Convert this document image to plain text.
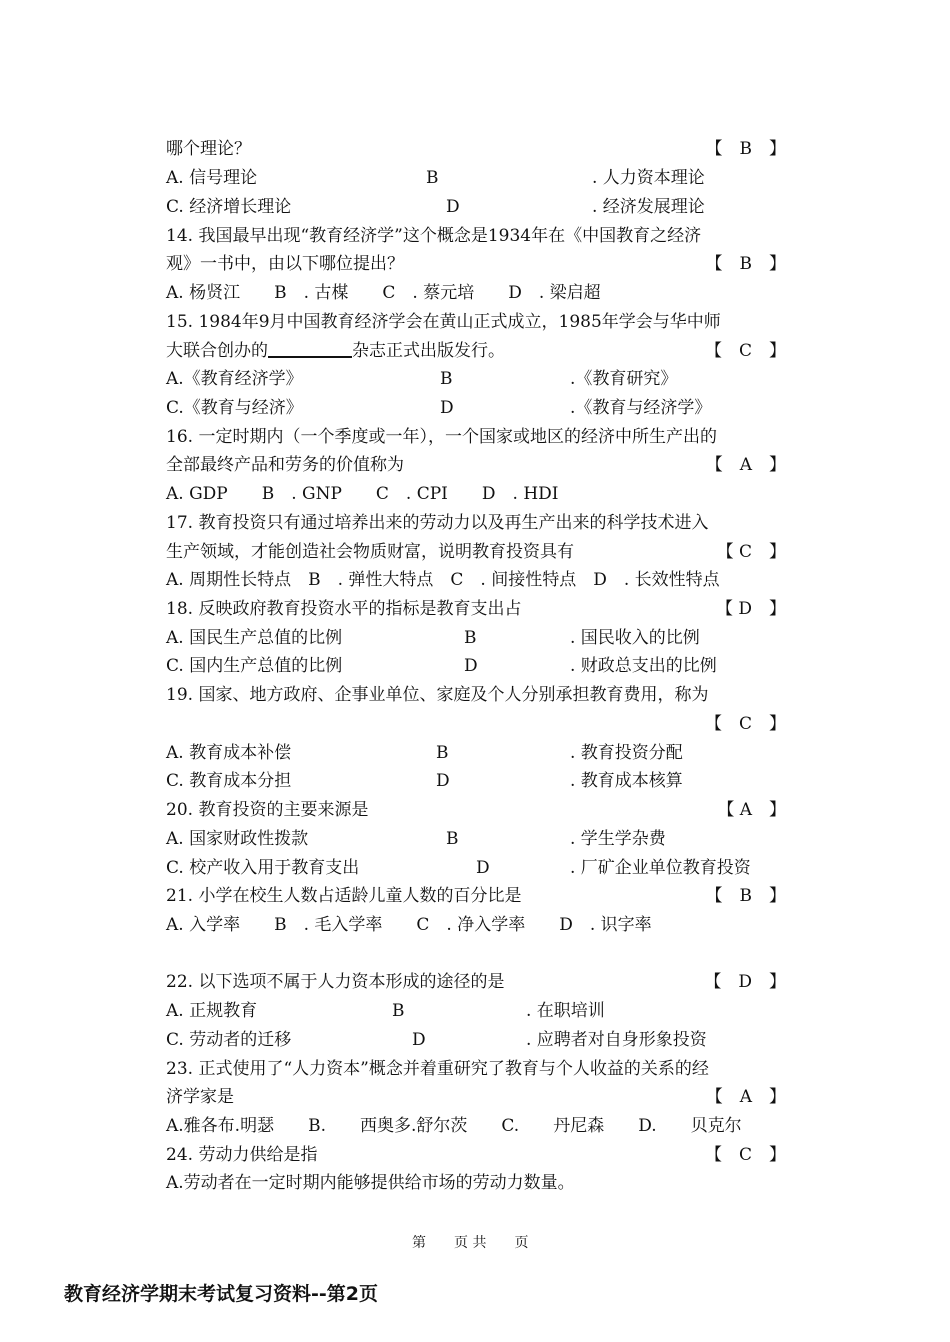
哪个理论？	【　B　】
A. 信号理论	B	. 人力资本理论
C. 经济增长理论	D	. 经济发展理论
14. 我国最早出现“教育经济学”这个概念是1934年在《中国教育之经济
观》一书中，由以下哪位提出？	【　B　】
A. 杨贤江　　B　. 古楳　　C　. 蔡元培　　D　. 梁启超
15. 1984年9月中国教育经济学会在黄山正式成立，1985年学会与华中师
大联合创办的	杂志正式出版发行。	【　C　】
A.《教育经济学》	B	.《教育研究》
C.《教育与经济》	D	.《教育与经济学》
16. 一定时期内（一个季度或一年），一个国家或地区的经济中所生产出的
全部最终产品和劳务的价值称为	【　A　】
A. GDP　　B　. GNP　　C　. CPI　　D　. HDI
17. 教育投资只有通过培养出来的劳动力以及再生产出来的科学技术进入
生产领域，才能创造社会物质财富，说明教育投资具有	【 C　】
A. 周期性长特点　B　. 弹性大特点　C　. 间接性特点　D　. 长效性特点
18. 反映政府教育投资水平的指标是教育支出占	【 D　】
A. 国民生产总值的比例	B	. 国民收入的比例
C. 国内生产总值的比例	D	. 财政总支出的比例
19. 国家、地方政府、企事业单位、家庭及个人分别承担教育费用，称为
【　C　】
A. 教育成本补偿	B	. 教育投资分配
C. 教育成本分担	D	. 教育成本核算
20. 教育投资的主要来源是	【 A　】
A. 国家财政性拨款	B	. 学生学杂费
C. 校产收入用于教育支出	D	. 厂矿企业单位教育投资
21. 小学在校生人数占适龄儿童人数的百分比是	【　B　】
A. 入学率　　B　. 毛入学率　　C　. 净入学率　　D　. 识字率
22. 以下选项不属于人力资本形成的途径的是	【　D　】
A. 正规教育	B	. 在职培训
C. 劳动者的迁移	D	. 应聘者对自身形象投资
23. 正式使用了“人力资本”概念并着重研究了教育与个人收益的关系的经
济学家是	【　A　】
A.雅各布.明瑟　　B.　　西奥多.舒尔茨　　C.　　丹尼森　　D.　　贝克尔
24. 劳动力供给是指	【　C　】
A.劳动者在一定时期内能够提供给市场的劳动力数量。
第　　页 共　　页
教育经济学期末考试复习资料--第2页
